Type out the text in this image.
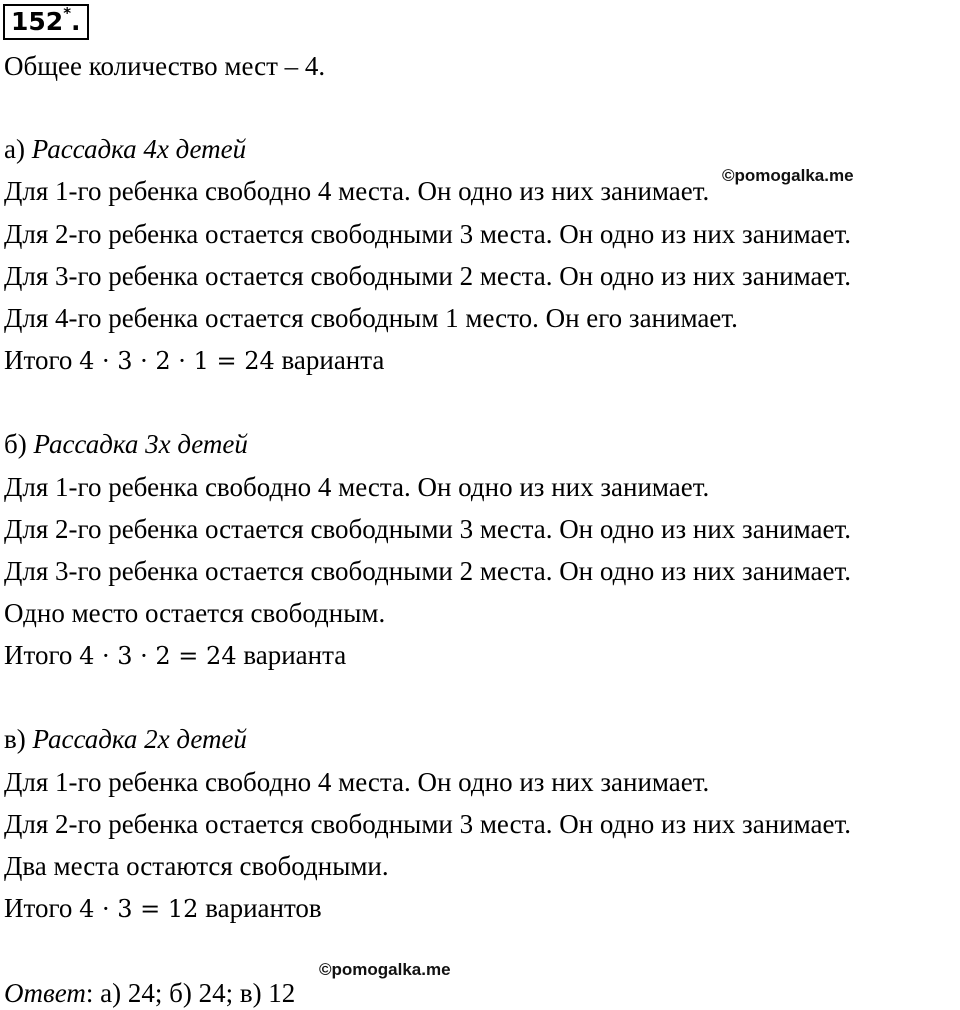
152*.
Общее количество мест – 4.
а) Рассадка 4х детей
Для 1-го ребенка свободно 4 места. Он одно из них занимает.
Для 2-го ребенка остается свободными 3 места. Он одно из них занимает.
Для 3-го ребенка остается свободными 2 места. Он одно из них занимает.
Для 4-го ребенка остается свободным 1 место. Он его занимает.
Итого 4 · 3 · 2 · 1 = 24 варианта
б) Рассадка 3х детей
Для 1-го ребенка свободно 4 места. Он одно из них занимает.
Для 2-го ребенка остается свободными 3 места. Он одно из них занимает.
Для 3-го ребенка остается свободными 2 места. Он одно из них занимает.
Одно место остается свободным.
Итого 4 · 3 · 2 = 24 варианта
в) Рассадка 2х детей
Для 1-го ребенка свободно 4 места. Он одно из них занимает.
Для 2-го ребенка остается свободными 3 места. Он одно из них занимает.
Два места остаются свободными.
Итого 4 · 3 = 12 вариантов
Ответ: а) 24; б) 24; в) 12
©pomogalka.me
©pomogalka.me
